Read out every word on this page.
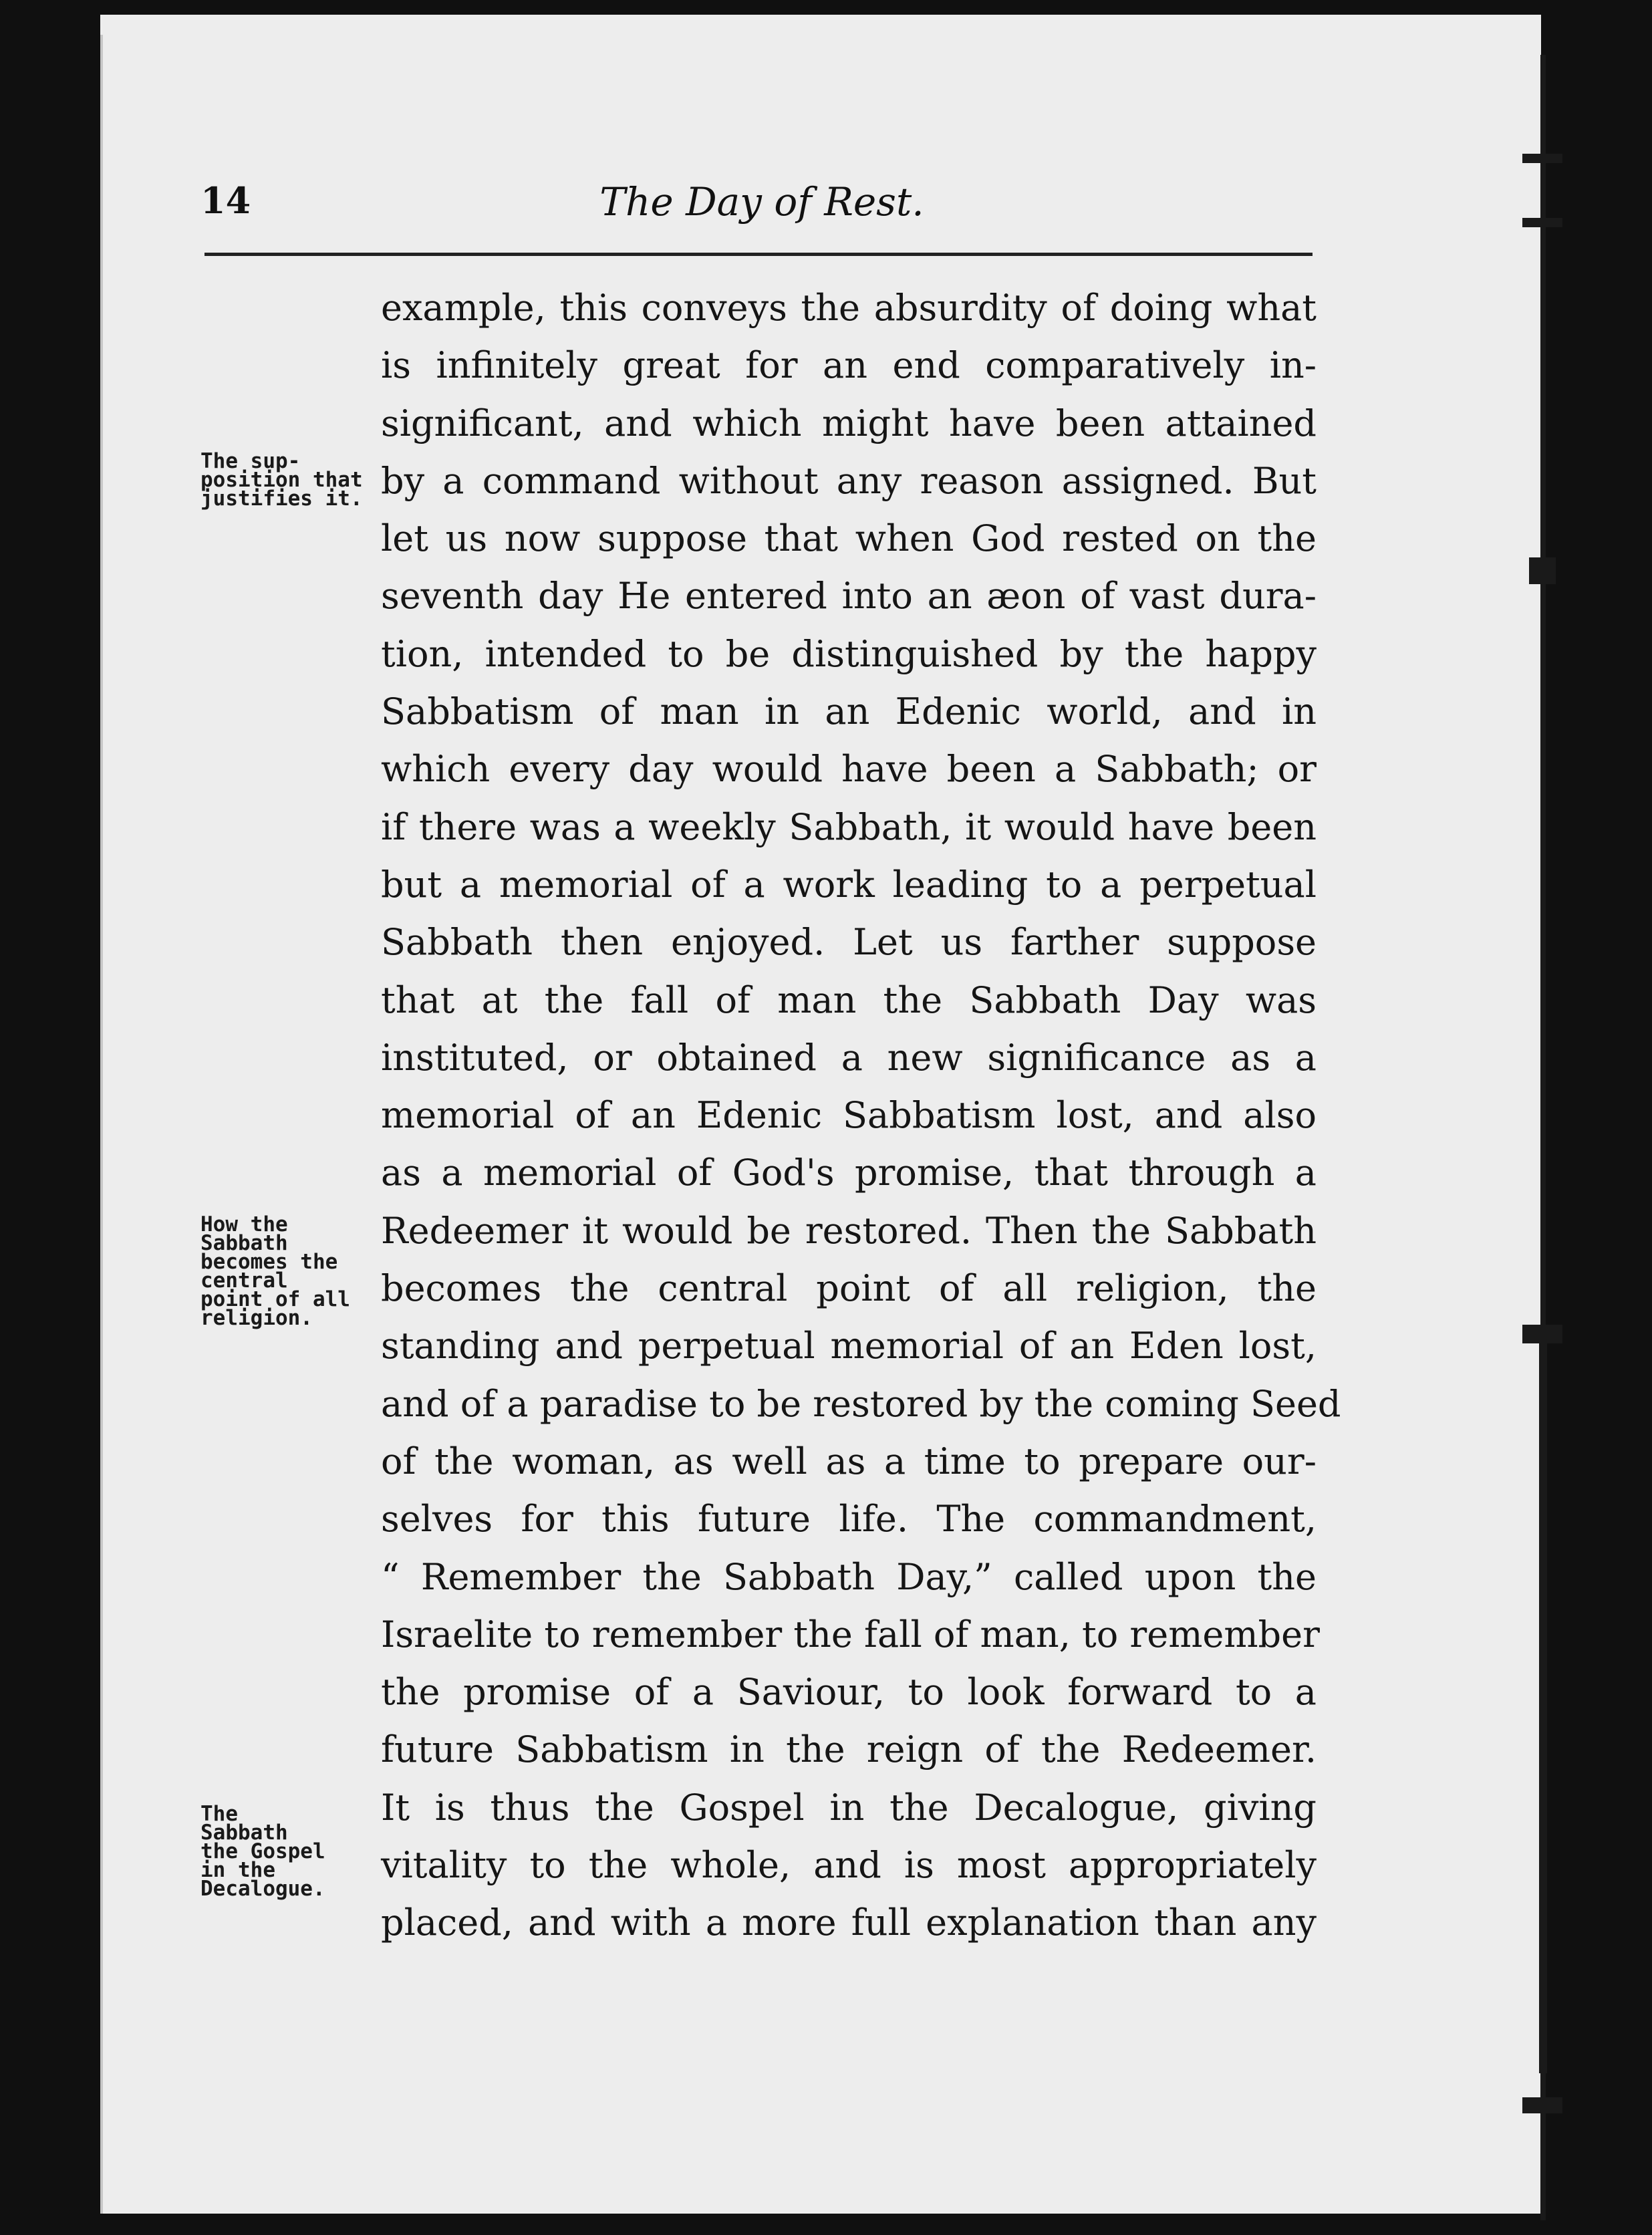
14	The Day of Rest.
The sup-
position that
justifies it.
How the
Sabbath
becomes the
central
point of all
religion.
The
Sabbath
the Gospel
in the
Decalogue.
example, this conveys the absurdity of doing what
is infinitely great for an end comparatively in-
significant, and which might have been attained
by a command without any reason assigned. But
let us now suppose that when God rested on the
seventh day He entered into an æon of vast dura-
tion, intended to be distinguished by the happy
Sabbatism of man in an Edenic world, and in
which every day would have been a Sabbath; or
if there was a weekly Sabbath, it would have been
but a memorial of a work leading to a perpetual
Sabbath then enjoyed. Let us farther suppose
that at the fall of man the Sabbath Day was
instituted, or obtained a new significance as a
memorial of an Edenic Sabbatism lost, and also
as a memorial of God's promise, that through a
Redeemer it would be restored. Then the Sabbath
becomes the central point of all religion, the
standing and perpetual memorial of an Eden lost,
and of a paradise to be restored by the coming Seed
of the woman, as well as a time to prepare our-
selves for this future life. The commandment,
“ Remember the Sabbath Day,” called upon the
Israelite to remember the fall of man, to remember
the promise of a Saviour, to look forward to a
future Sabbatism in the reign of the Redeemer.
It is thus the Gospel in the Decalogue, giving
vitality to the whole, and is most appropriately
placed, and with a more full explanation than any
